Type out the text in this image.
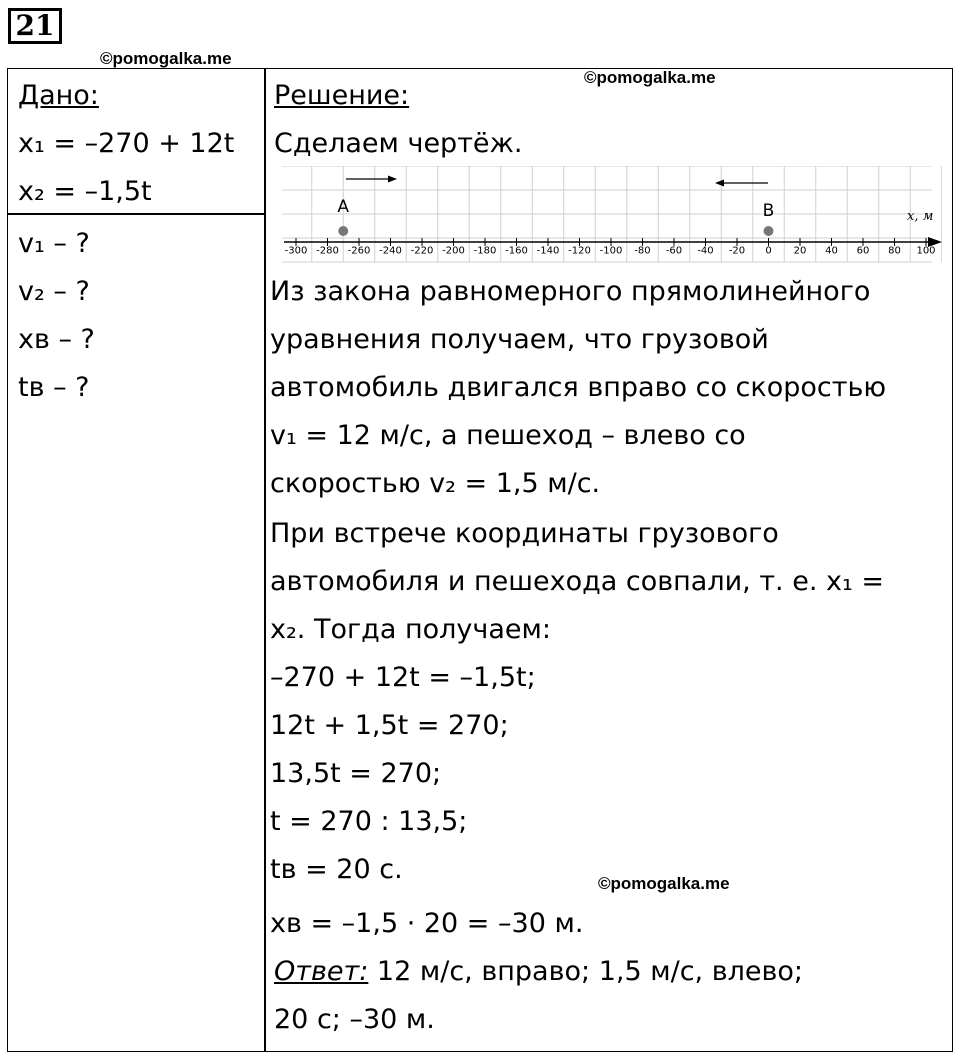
21
©pomogalka.me
©pomogalka.me
©pomogalka.me
Дано:
x₁ = –270 + 12t
x₂ = –1,5t
v₁ – ?
v₂ – ?
xв – ?
tв – ?
Решение:
Сделаем чертёж.
-300 -280 -260 -240 -220 -200 -180 -160 -140 -120 -100 -80 -60 -40 -20 0 20 40 60 80 100
x, м
A	B
Из закона равномерного прямолинейного
уравнения получаем, что грузовой
автомобиль двигался вправо со скоростью
v₁ = 12 м/с, а пешеход – влево со
скоростью v₂ = 1,5 м/с.
При встрече координаты грузового
автомобиля и пешехода совпали, т. е. x₁ =
x₂. Тогда получаем:
–270 + 12t = –1,5t;
12t + 1,5t = 270;
13,5t = 270;
t = 270 : 13,5;
tв = 20 с.
xв = –1,5 · 20 = –30 м.
Ответ: 12 м/с, вправо; 1,5 м/с, влево;
20 с; –30 м.
